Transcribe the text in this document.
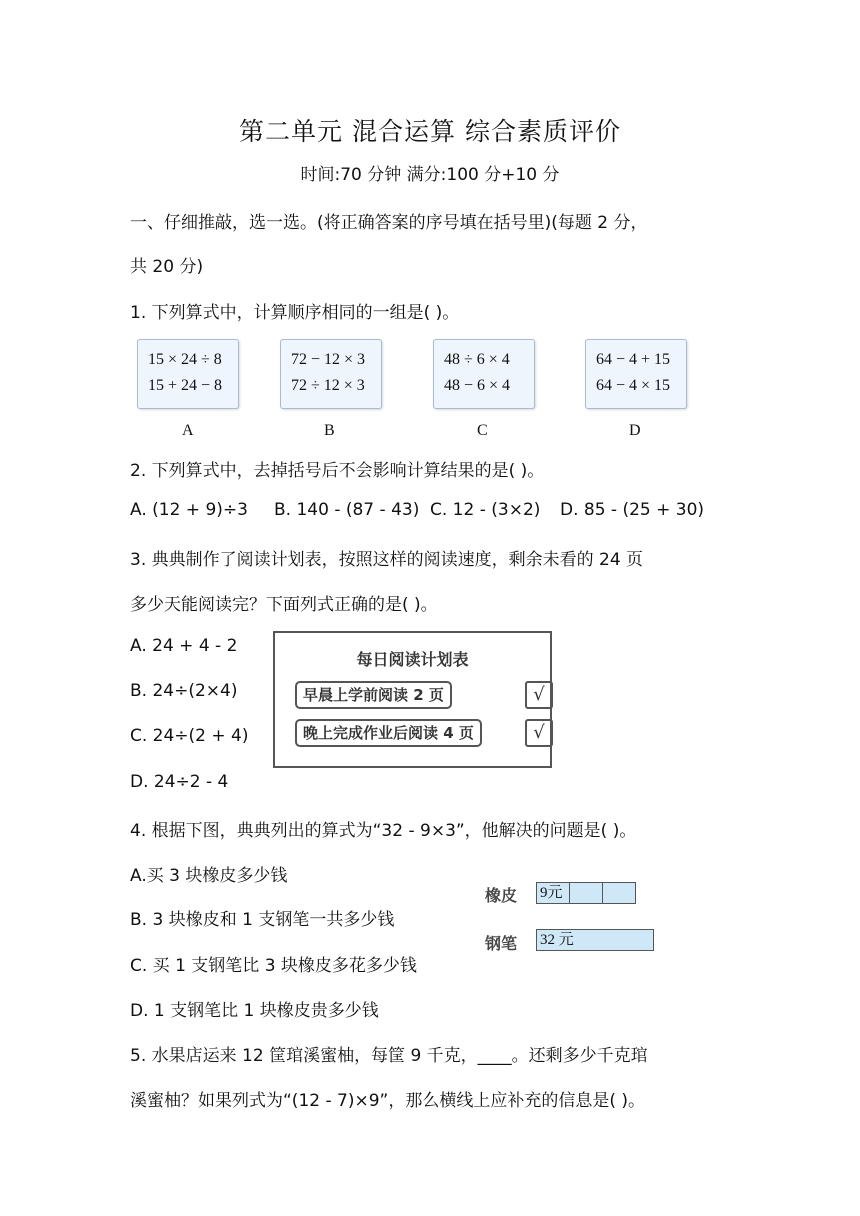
第二单元 混合运算 综合素质评价
时间:70 分钟 满分:100 分+10 分
一、仔细推敲，选一选。(将正确答案的序号填在括号里)(每题 2 分，
共 20 分)
1. 下列算式中，计算顺序相同的一组是( )。
15 × 24 ÷ 8
15 + 24 − 8
72 − 12 × 3
72 ÷ 12 × 3
48 ÷ 6 × 4
48 − 6 × 4
64 − 4 + 15
64 − 4 × 15
A	B	C	D
2. 下列算式中，去掉括号后不会影响计算结果的是( )。
A. (12 + 9)÷3 B. 140 - (87 - 43) C. 12 - (3×2) D. 85 - (25 + 30)
3. 典典制作了阅读计划表，按照这样的阅读速度，剩余未看的 24 页
多少天能阅读完？下面列式正确的是( )。
A. 24 + 4 - 2
B. 24÷(2×4)
C. 24÷(2 + 4)
D. 24÷2 - 4
每日阅读计划表
早晨上学前阅读 2 页	√
晚上完成作业后阅读 4 页	√
4. 根据下图，典典列出的算式为“32 - 9×3”，他解决的问题是( )。
A.买 3 块橡皮多少钱
B. 3 块橡皮和 1 支钢笔一共多少钱
C. 买 1 支钢笔比 3 块橡皮多花多少钱
D. 1 支钢笔比 1 块橡皮贵多少钱
橡皮 9元
钢笔 32 元
5. 水果店运来 12 筐琯溪蜜柚，每筐 9 千克，____。还剩多少千克琯
溪蜜柚？如果列式为“(12 - 7)×9”，那么横线上应补充的信息是( )。
